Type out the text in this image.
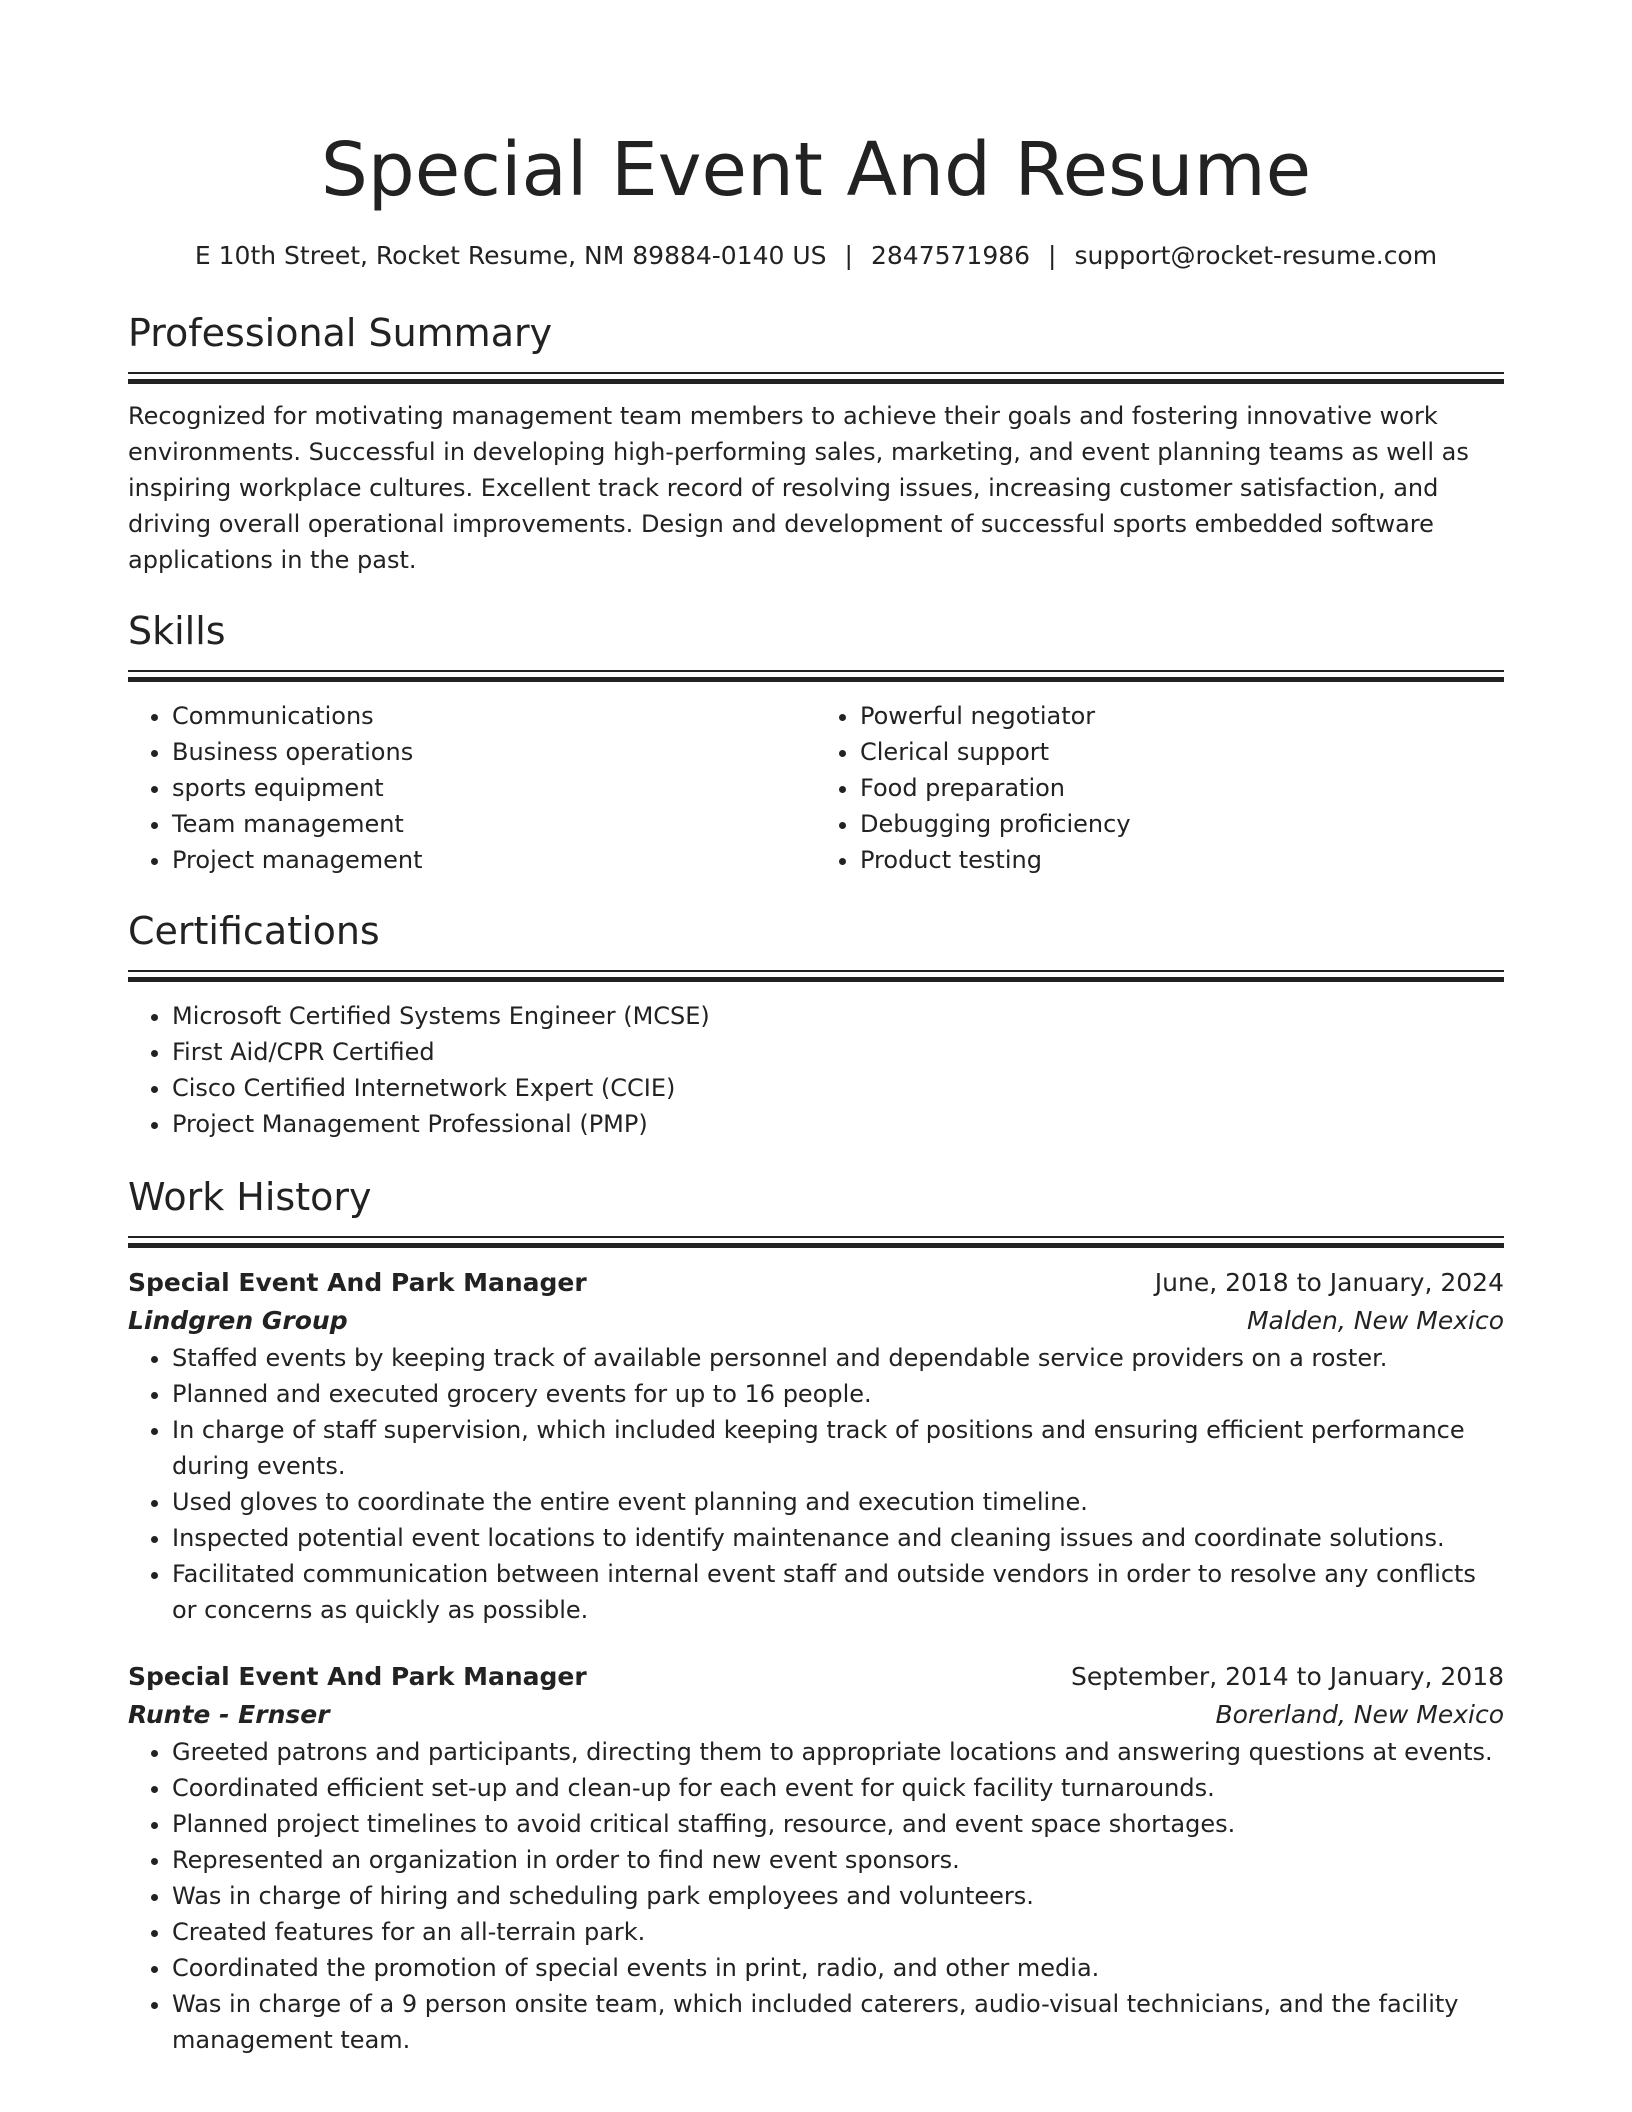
Special Event And Resume
E 10th Street, Rocket Resume, NM 89884-0140 US | 2847571986 | support@rocket-resume.com
Professional Summary
Recognized for motivating management team members to achieve their goals and fostering innovative work environments. Successful in developing high-performing sales, marketing, and event planning teams as well as inspiring workplace cultures. Excellent track record of resolving issues, increasing customer satisfaction, and driving overall operational improvements. Design and development of successful sports embedded software applications in the past.
Skills
• Communications
• Business operations
• sports equipment
• Team management
• Project management
• Powerful negotiator
• Clerical support
• Food preparation
• Debugging proficiency
• Product testing
Certifications
• Microsoft Certified Systems Engineer (MCSE)
• First Aid/CPR Certified
• Cisco Certified Internetwork Expert (CCIE)
• Project Management Professional (PMP)
Work History
Special Event And Park Manager	June, 2018 to January, 2024
Lindgren Group	Malden, New Mexico
• Staffed events by keeping track of available personnel and dependable service providers on a roster.
• Planned and executed grocery events for up to 16 people.
• In charge of staff supervision, which included keeping track of positions and ensuring efficient performance during events.
• Used gloves to coordinate the entire event planning and execution timeline.
• Inspected potential event locations to identify maintenance and cleaning issues and coordinate solutions.
• Facilitated communication between internal event staff and outside vendors in order to resolve any conflicts or concerns as quickly as possible.
Special Event And Park Manager	September, 2014 to January, 2018
Runte - Ernser	Borerland, New Mexico
• Greeted patrons and participants, directing them to appropriate locations and answering questions at events.
• Coordinated efficient set-up and clean-up for each event for quick facility turnarounds.
• Planned project timelines to avoid critical staffing, resource, and event space shortages.
• Represented an organization in order to find new event sponsors.
• Was in charge of hiring and scheduling park employees and volunteers.
• Created features for an all-terrain park.
• Coordinated the promotion of special events in print, radio, and other media.
• Was in charge of a 9 person onsite team, which included caterers, audio-visual technicians, and the facility management team.
